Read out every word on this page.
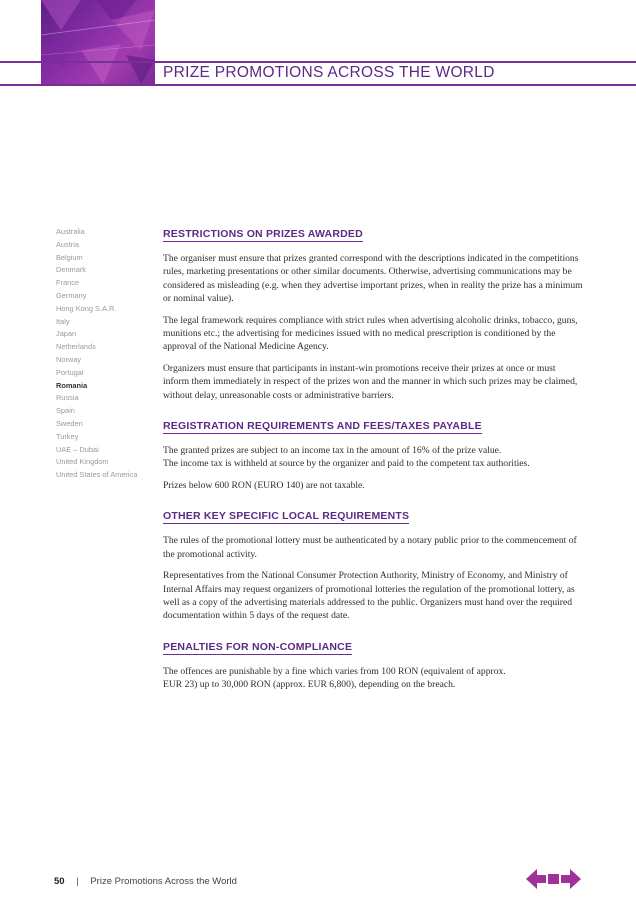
PRIZE PROMOTIONS ACROSS THE WORLD
Australia
Austria
Belgium
Denmark
France
Germany
Hong Kong S.A.R.
Italy
Japan
Netherlands
Norway
Portugal
Romania
Russia
Spain
Sweden
Turkey
UAE – Dubai
United Kingdom
United States of America
RESTRICTIONS ON PRIZES AWARDED

The organiser must ensure that prizes granted correspond with the descriptions indicated in the competitions rules, marketing presentations or other similar documents. Otherwise, advertising communications may be considered as misleading (e.g. when they advertise important prizes, when in reality the prize has a minimum or nominal value).

The legal framework requires compliance with strict rules when advertising alcoholic drinks, tobacco, guns, munitions etc.; the advertising for medicines issued with no medical prescription is conditioned by the approval of the National Medicine Agency.

Organizers must ensure that participants in instant-win promotions receive their prizes at once or must inform them immediately in respect of the prizes won and the manner in which such prizes may be claimed, without delay, unreasonable costs or administrative barriers.

REGISTRATION REQUIREMENTS AND FEES/TAXES PAYABLE

The granted prizes are subject to an income tax in the amount of 16% of the prize value.

The income tax is withheld at source by the organizer and paid to the competent tax authorities.

Prizes below 600 RON (EURO 140) are not taxable.

OTHER KEY SPECIFIC LOCAL REQUIREMENTS

The rules of the promotional lottery must be authenticated by a notary public prior to the commencement of the promotional activity.

Representatives from the National Consumer Protection Authority, Ministry of Economy, and Ministry of Internal Affairs may request organizers of promotional lotteries the regulation of the promotional lottery, as well as a copy of the advertising materials addressed to the public. Organizers must hand over the required documentation within 5 days of the request date.

PENALTIES FOR NON-COMPLIANCE

The offences are punishable by a fine which varies from 100 RON (equivalent of approx.

EUR 23) up to 30,000 RON (approx. EUR 6,800), depending on the breach.

50 | Prize Promotions Across the World
